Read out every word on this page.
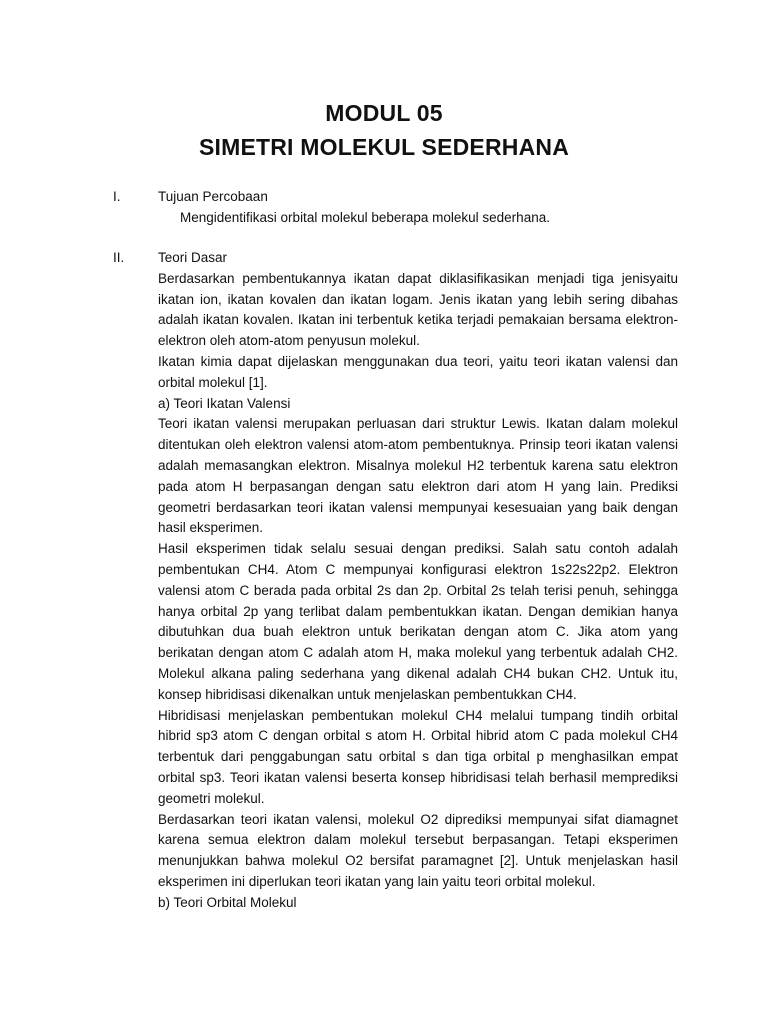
MODUL 05
SIMETRI MOLEKUL SEDERHANA
I.	Tujuan Percobaan
Mengidentifikasi orbital molekul beberapa molekul sederhana.
II. Teori Dasar

Berdasarkan pembentukannya ikatan dapat diklasifikasikan menjadi tiga jenisyaitu ikatan ion, ikatan kovalen dan ikatan logam. Jenis ikatan yang lebih sering dibahas adalah ikatan kovalen. Ikatan ini terbentuk ketika terjadi pemakaian bersama elektron-elektron oleh atom-atom penyusun molekul.

Ikatan kimia dapat dijelaskan menggunakan dua teori, yaitu teori ikatan valensi dan orbital molekul [1].

a) Teori Ikatan Valensi

Teori ikatan valensi merupakan perluasan dari struktur Lewis. Ikatan dalam molekul ditentukan oleh elektron valensi atom-atom pembentuknya. Prinsip teori ikatan valensi adalah memasangkan elektron. Misalnya molekul H2 terbentuk karena satu elektron pada atom H berpasangan dengan satu elektron dari atom H yang lain. Prediksi geometri berdasarkan teori ikatan valensi mempunyai kesesuaian yang baik dengan hasil eksperimen.

Hasil eksperimen tidak selalu sesuai dengan prediksi. Salah satu contoh adalah pembentukan CH4. Atom C mempunyai konfigurasi elektron 1s22s22p2. Elektron valensi atom C berada pada orbital 2s dan 2p. Orbital 2s telah terisi penuh, sehingga hanya orbital 2p yang terlibat dalam pembentukkan ikatan. Dengan demikian hanya dibutuhkan dua buah elektron untuk berikatan dengan atom C. Jika atom yang berikatan dengan atom C adalah atom H, maka molekul yang terbentuk adalah CH2. Molekul alkana paling sederhana yang dikenal adalah CH4 bukan CH2. Untuk itu, konsep hibridisasi dikenalkan untuk menjelaskan pembentukkan CH4.

Hibridisasi menjelaskan pembentukan molekul CH4 melalui tumpang tindih orbital hibrid sp3 atom C dengan orbital s atom H. Orbital hibrid atom C pada molekul CH4 terbentuk dari penggabungan satu orbital s dan tiga orbital p menghasilkan empat orbital sp3. Teori ikatan valensi beserta konsep hibridisasi telah berhasil memprediksi geometri molekul.

Berdasarkan teori ikatan valensi, molekul O2 diprediksi mempunyai sifat diamagnet karena semua elektron dalam molekul tersebut berpasangan. Tetapi eksperimen menunjukkan bahwa molekul O2 bersifat paramagnet [2]. Untuk menjelaskan hasil eksperimen ini diperlukan teori ikatan yang lain yaitu teori orbital molekul.

b) Teori Orbital Molekul
